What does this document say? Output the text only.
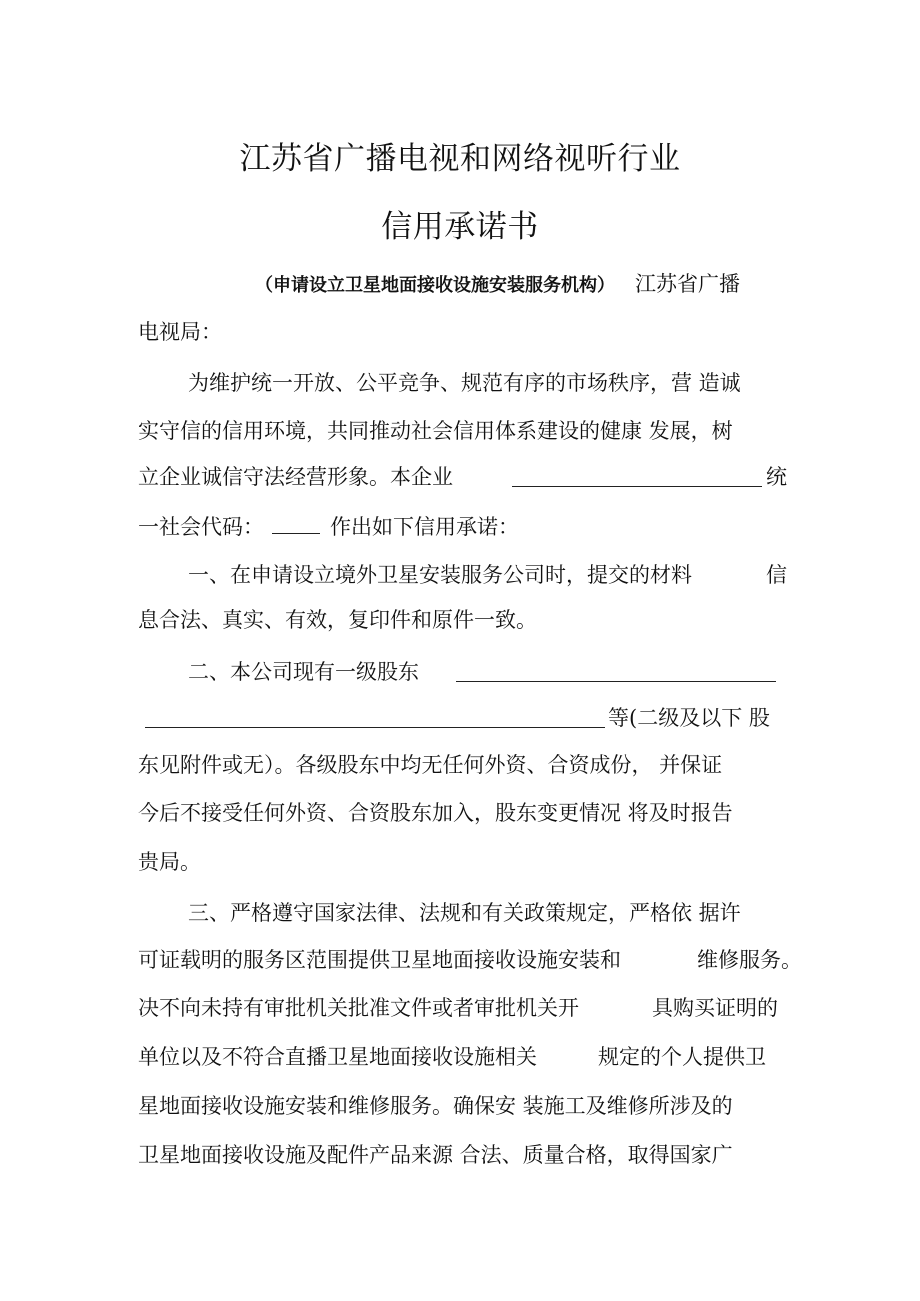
江苏省广播电视和网络视听行业
信用承诺书
（申请设立卫星地面接收设施安装服务机构） 江苏省广播
电视局：
为维护统一开放、公平竞争、规范有序的市场秩序，营 造诚
实守信的信用环境，共同推动社会信用体系建设的健康 发展，树
立企业诚信守法经营形象。本企业	统
一社会代码：	作出如下信用承诺：
一、在申请设立境外卫星安装服务公司时，提交的材料	信
息合法、真实、有效，复印件和原件一致。
二、本公司现有一级股东
等(二级及以下 股
东见附件或无）。各级股东中均无任何外资、合资成份， 并保证
今后不接受任何外资、合资股东加入，股东变更情况 将及时报告
贵局。
三、严格遵守国家法律、法规和有关政策规定，严格依 据许
可证载明的服务区范围提供卫星地面接收设施安装和	维修服务。
决不向未持有审批机关批准文件或者审批机关开	具购买证明的
单位以及不符合直播卫星地面接收设施相关	规定的个人提供卫
星地面接收设施安装和维修服务。确保安 装施工及维修所涉及的
卫星地面接收设施及配件产品来源 合法、质量合格，取得国家广
